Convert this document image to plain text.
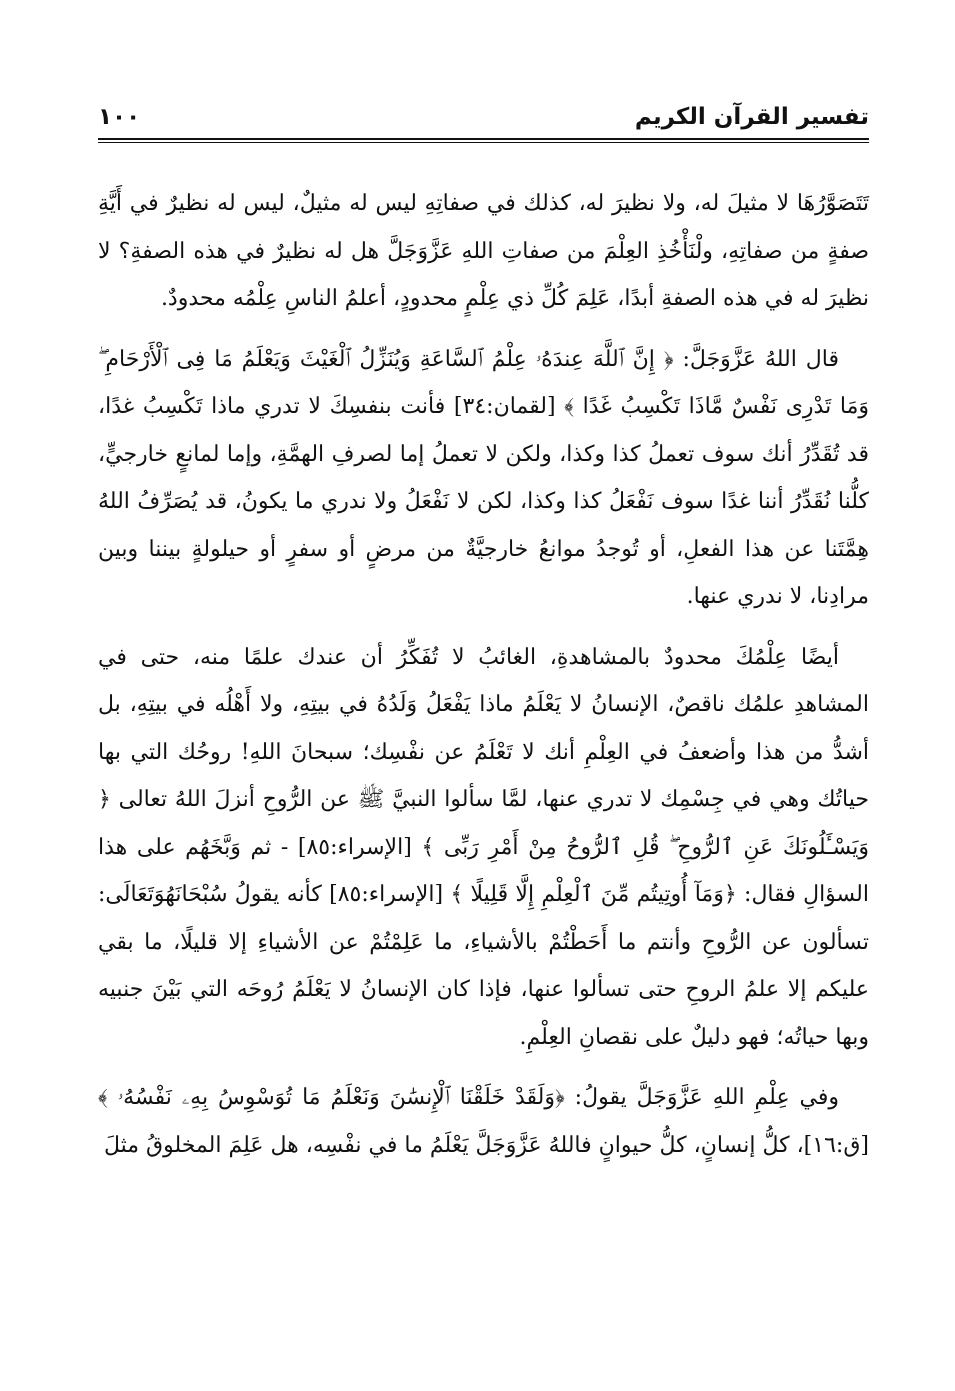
تفسير القرآن الكريم
١٠٠

تَتَصَوَّرُهَا لا مثيلَ له، ولا نظيرَ له، كذلك في صفاتِهِ ليس له مثيلٌ، ليس له نظيرٌ في أَيَّةِ صفةٍ من صفاتِهِ، ولْنَأْخُذِ العِلْمَ من صفاتِ اللهِ عَزَّوَجَلَّ هل له نظيرٌ في هذه الصفةِ؟ لا نظيرَ له في هذه الصفةِ أبدًا، عَلِمَ كُلِّ ذي عِلْمٍ محدودٍ، أعلمُ الناسِ عِلْمُه محدودٌ.

قال اللهُ عَزَّوَجَلَّ: ﴿ إِنَّ ٱللَّهَ عِندَهُۥ عِلْمُ ٱلسَّاعَةِ وَيُنَزِّلُ ٱلْغَيْثَ وَيَعْلَمُ مَا فِى ٱلْأَرْحَامِ ۖ وَمَا تَدْرِى نَفْسٌ مَّاذَا تَكْسِبُ غَدًا ﴾ [لقمان:٣٤] فأنت بنفسِكَ لا تدري ماذا تَكْسِبُ غدًا، قد تُقَدِّرُ أنك سوف تعملُ كذا وكذا، ولكن لا تعملُ إما لصرفِ الهمَّةِ، وإما لمانعٍ خارجيٍّ، كلُّنا نُقَدِّرُ أننا غدًا سوف نَفْعَلُ كذا وكذا، لكن لا نَفْعَلُ ولا ندري ما يكونُ، قد يُصَرِّفُ اللهُ هِمَّتَنا عن هذا الفعلِ، أو تُوجدُ موانعُ خارجيَّةٌ من مرضٍ أو سفرٍ أو حيلولةٍ بيننا وبين مرادِنا، لا ندري عنها.

أيضًا عِلْمُكَ محدودٌ بالمشاهدةِ، الغائبُ لا تُفَكِّرُ أن عندك علمًا منه، حتى في المشاهدِ علمُك ناقصٌ، الإنسانُ لا يَعْلَمُ ماذا يَفْعَلُ وَلَدُهُ في بيتِهِ، ولا أَهْلُه في بيتِهِ، بل أشدُّ من هذا وأضعفُ في العِلْمِ أنك لا تَعْلَمُ عن نفْسِك؛ سبحانَ اللهِ! روحُك التي بها حياتُك وهي في جِسْمِك لا تدري عنها، لمَّا سألوا النبيَّ ﷺ عن الرُّوحِ أنزلَ اللهُ تعالى ﴿ وَيَسْـَٔلُونَكَ عَنِ ٱلرُّوحِ ۖ قُلِ ٱلرُّوحُ مِنْ أَمْرِ رَبِّى ﴾ [الإسراء:٨٥] - ثم وَبَّخَهُم على هذا السؤالِ فقال: ﴿وَمَآ أُوتِيتُم مِّنَ ٱلْعِلْمِ إِلَّا قَلِيلًا ﴾ [الإسراء:٨٥] كأنه يقولُ سُبْحَانَهُوَتَعَالَى: تسألون عن الرُّوحِ وأنتم ما أَحَطْتُمْ بالأشياءِ، ما عَلِمْتُمْ عن الأشياءِ إلا قليلًا، ما بقي عليكم إلا علمُ الروحِ حتى تسألوا عنها، فإذا كان الإنسانُ لا يَعْلَمُ رُوحَه التي بَيْنَ جنبيه وبها حياتُه؛ فهو دليلٌ على نقصانِ العِلْمِ.

وفي عِلْمِ اللهِ عَزَّوَجَلَّ يقولُ: ﴿وَلَقَدْ خَلَقْنَا ٱلْإِنسَٰنَ وَنَعْلَمُ مَا تُوَسْوِسُ بِهِۦ نَفْسُهُۥ ﴾ [ق:١٦]، كلُّ إنسانٍ، كلُّ حيوانٍ فاللهُ عَزَّوَجَلَّ يَعْلَمُ ما في نفْسِه، هل عَلِمَ المخلوقُ مثلَ
